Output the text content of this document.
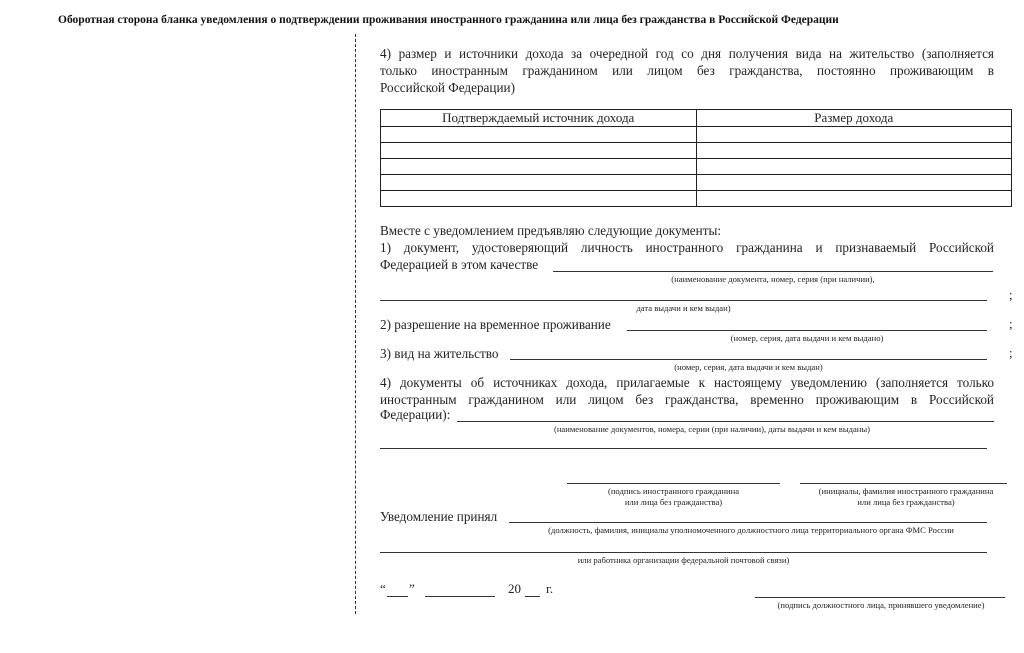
Оборотная сторона бланка уведомления о подтверждении проживания иностранного гражданина или лица без гражданства в Российской Федерации
4) размер и источники дохода за очередной год со дня получения вида на жительство (заполняется
только иностранным гражданином или лицом без гражданства, постоянно проживающим в
Российской Федерации)
Подтверждаемый источник дохода	Размер дохода

Вместе с уведомлением предъявляю следующие документы:
1) документ, удостоверяющий личность иностранного гражданина и признаваемый Российской
Федерацией в этом качестве
(наименование документа, номер, серия (при наличии),
;
дата выдачи и кем выдан)
2) разрешение на временное проживание	;
(номер, серия, дата выдачи и кем выдано)
3) вид на жительство	;
(номер, серия, дата выдачи и кем выдан)
4) документы об источниках дохода, прилагаемые к настоящему уведомлению (заполняется только
иностранным гражданином или лицом без гражданства, временно проживающим в Российской
Федерации):
(наименование документов, номера, серии (при наличии), даты выдачи и кем выданы)
(подпись иностранного гражданина
или лица без гражданства)
(инициалы, фамилия иностранного гражданина
или лица без гражданства)
Уведомление принял
(должность, фамилия, инициалы уполномоченного должностного лица территориального органа ФМС России
или работника организации федеральной почтовой связи)
“ ”	20 г.
(подпись должностного лица, принявшего уведомление)
